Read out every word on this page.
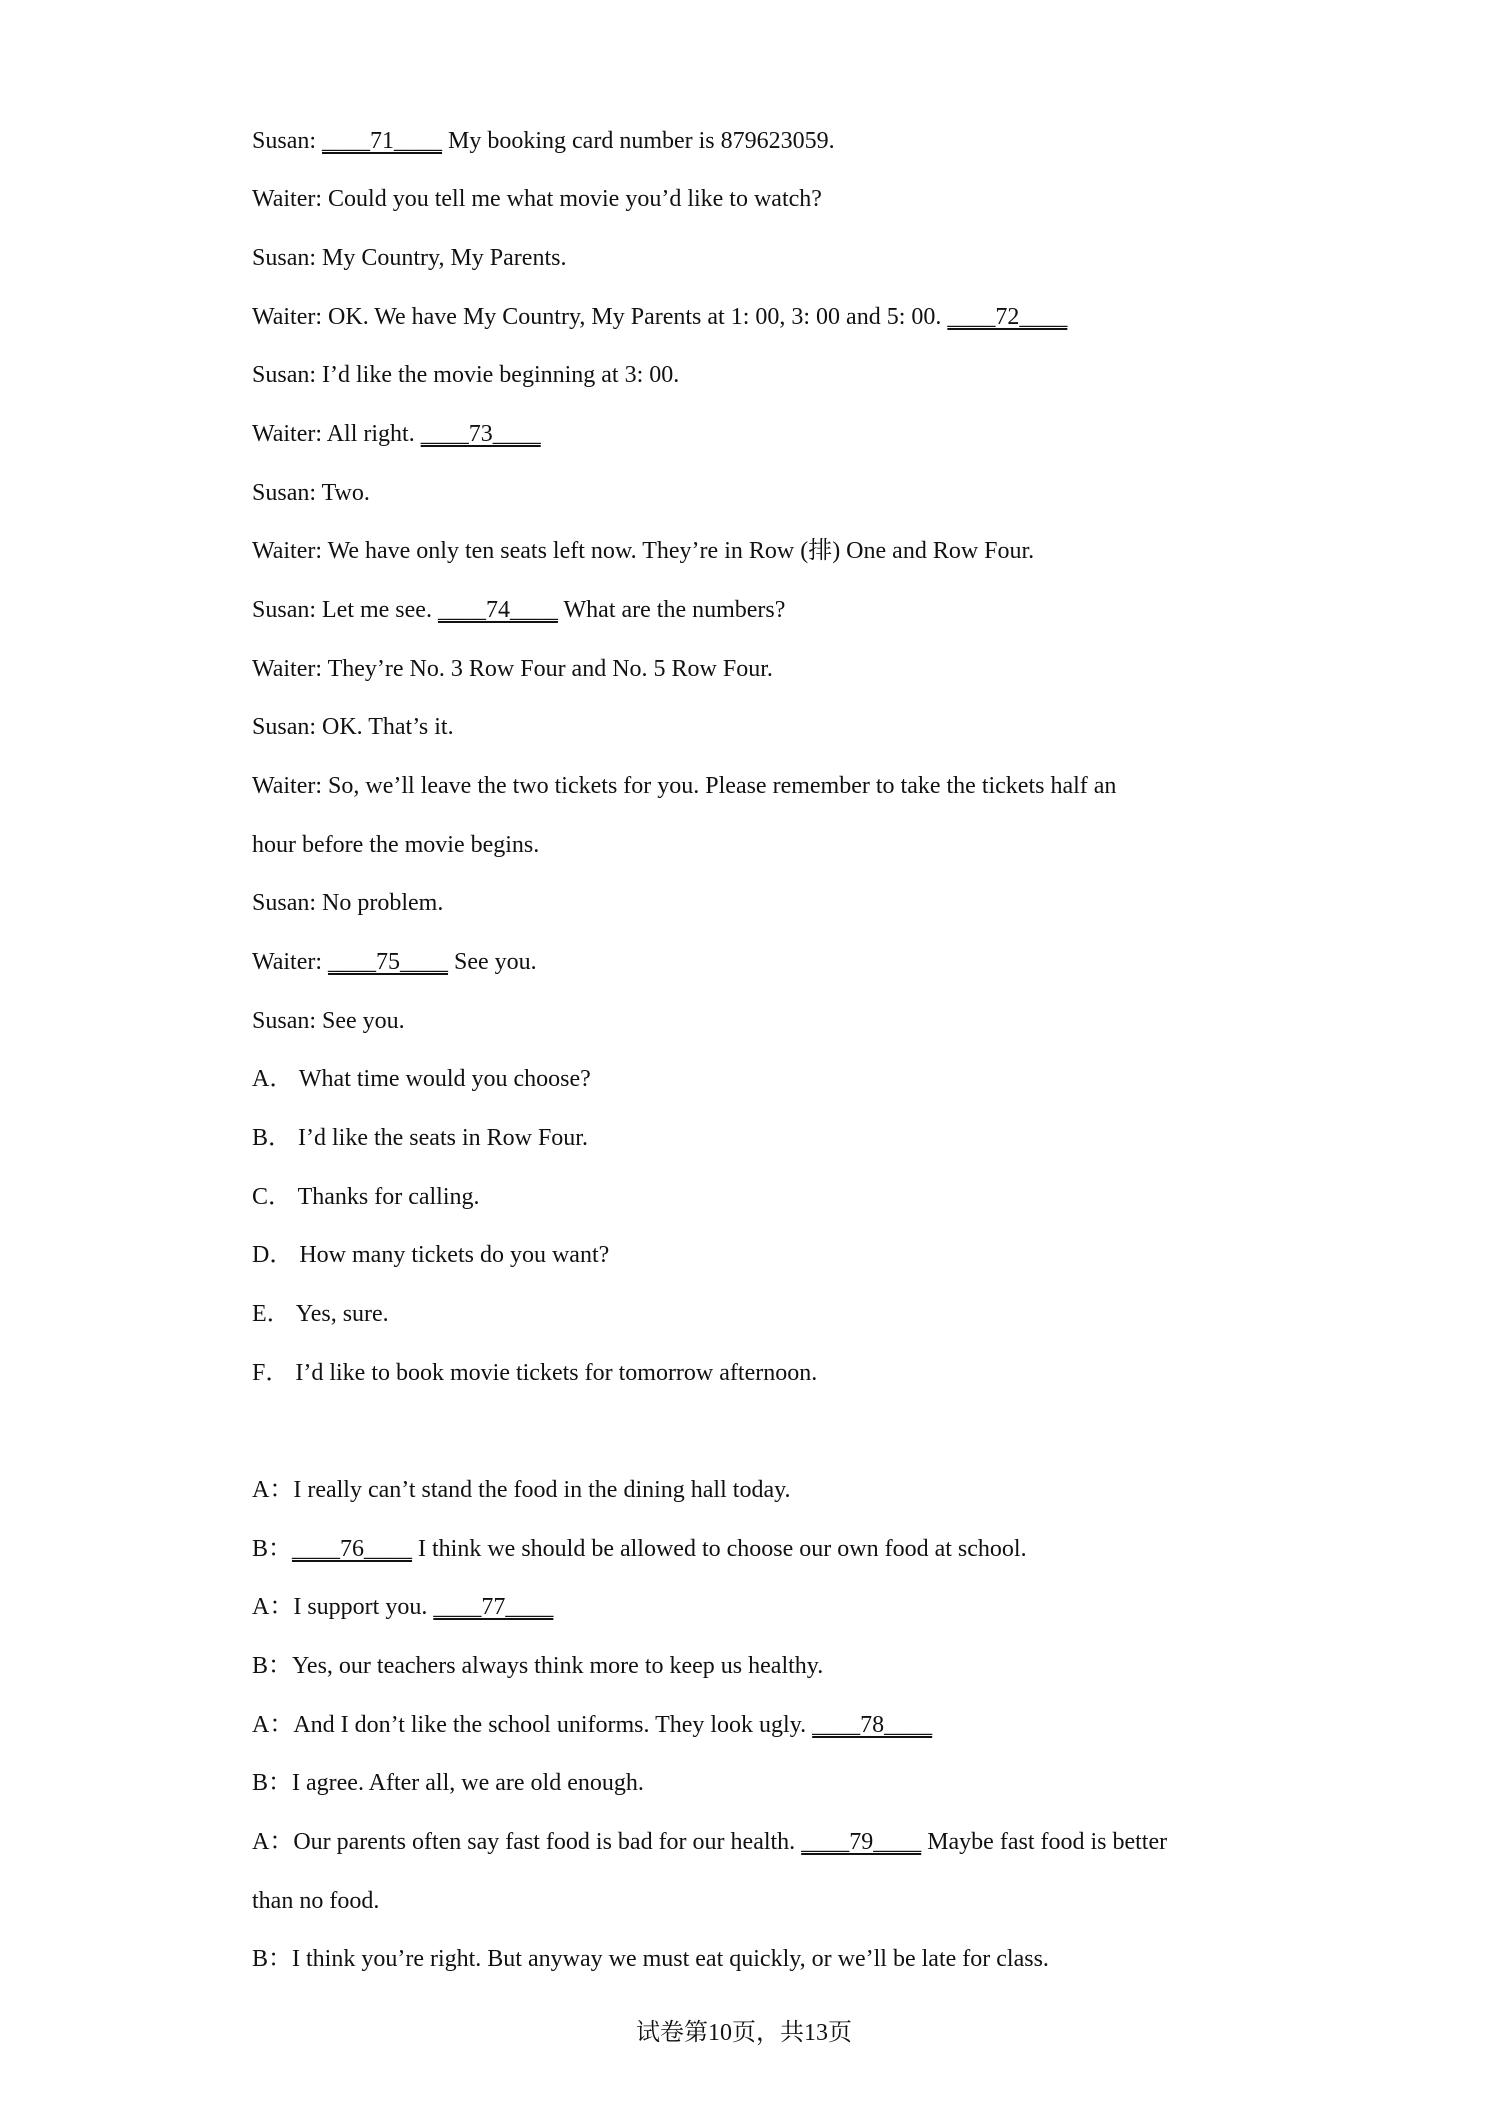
Susan: ____71____ My booking card number is 879623059.
Waiter: Could you tell me what movie you’d like to watch?
Susan: My Country, My Parents.
Waiter: OK. We have My Country, My Parents at 1: 00, 3: 00 and 5: 00. ____72____
Susan: I’d like the movie beginning at 3: 00.
Waiter: All right. ____73____
Susan: Two.
Waiter: We have only ten seats left now. They’re in Row (排) One and Row Four.
Susan: Let me see. ____74____ What are the numbers?
Waiter: They’re No. 3 Row Four and No. 5 Row Four.
Susan: OK. That’s it.
Waiter: So, we’ll leave the two tickets for you. Please remember to take the tickets half an
hour before the movie begins.
Susan: No problem.
Waiter: ____75____ See you.
Susan: See you.
A． What time would you choose?
B． I’d like the seats in Row Four.
C． Thanks for calling.
D． How many tickets do you want?
E． Yes, sure.
F． I’d like to book movie tickets for tomorrow afternoon.
A：I really can’t stand the food in the dining hall today.
B：____76____ I think we should be allowed to choose our own food at school.
A：I support you. ____77____
B：Yes, our teachers always think more to keep us healthy.
A：And I don’t like the school uniforms. They look ugly. ____78____
B：I agree. After all, we are old enough.
A：Our parents often say fast food is bad for our health. ____79____ Maybe fast food is better
than no food.
B：I think you’re right. But anyway we must eat quickly, or we’ll be late for class.
试卷第10页，共13页
